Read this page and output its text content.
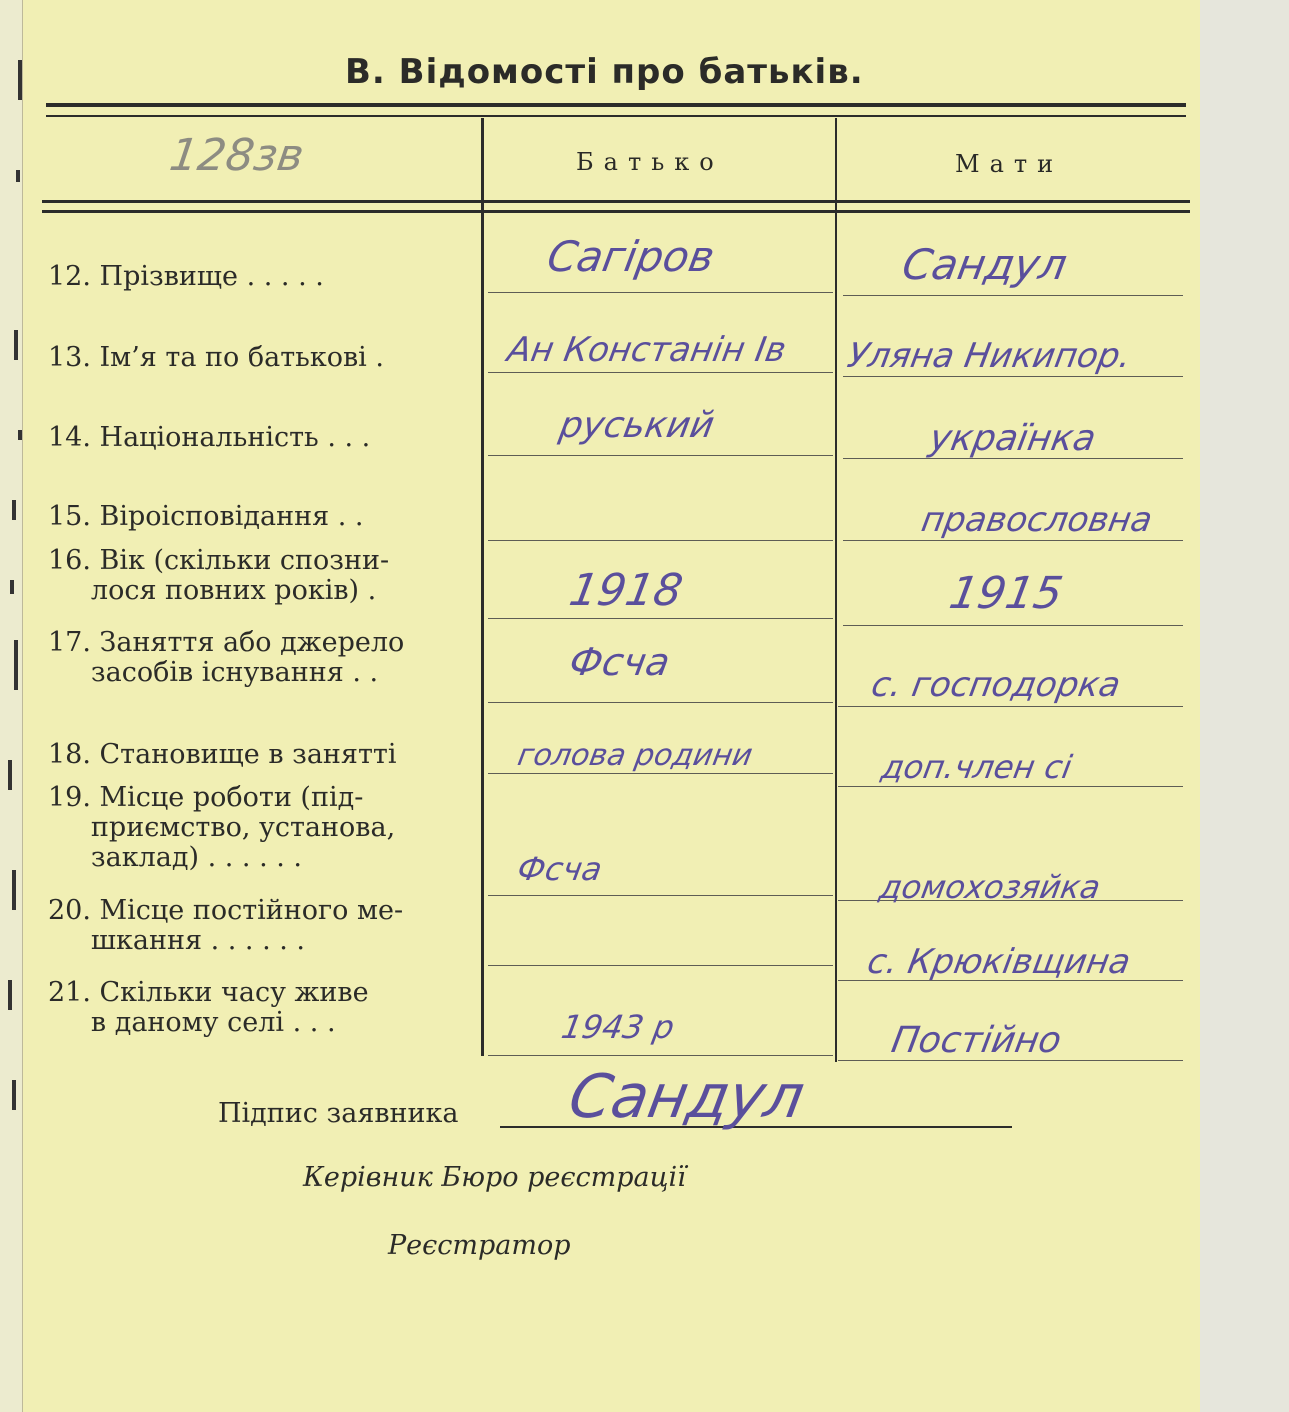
В. Відомості про батьків.
128зв	Батько	Мати
12. Прізвище . . . . .
13. Ім’я та по батькові .
14. Національність . . .
15. Віроісповідання . .
16. Вік (скільки спозни-
лося повних років) .
17. Заняття або джерело
засобів існування . .
18. Становище в занятті
19. Місце роботи (під-
приємство, установа,
заклад) . . . . . .
20. Місце постійного ме-
шкання . . . . . .
21. Скільки часу живе
в даному селі . . .
Сагіров
Ан Констанін Ів
руський
1918
Фсча
голова родини
Фсча
1943 р
Сандул
Уляна Никипор.
українка
правословна
1915
с. господорка
доп.член сі
домохозяйка
с. Крюківщина
Постійно
Підпис заявника Сандул
Керівник Бюро реєстрації
Реєстратор
